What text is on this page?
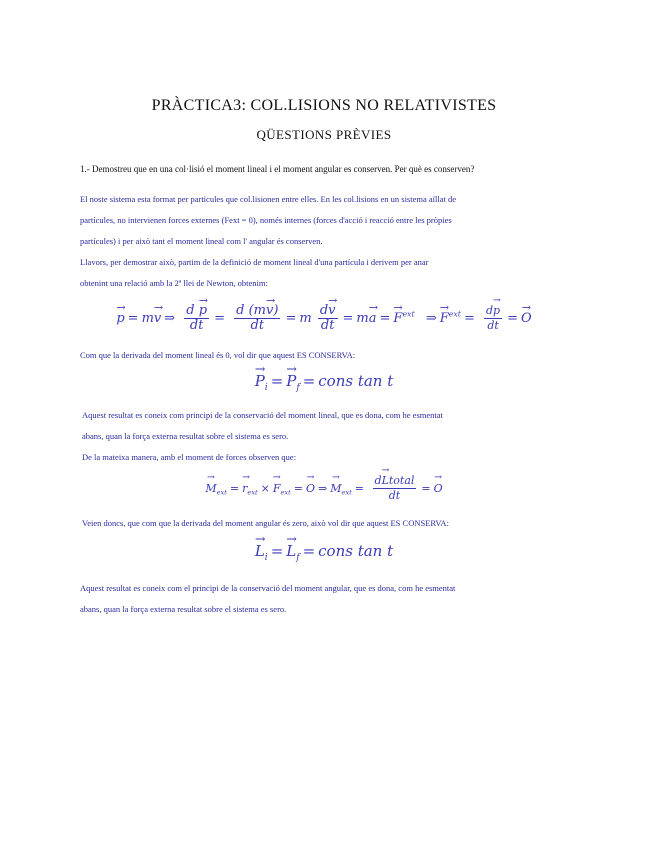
PRÀCTICA3: COL.LISIONS NO RELATIVISTES
QÜESTIONS PRÈVIES
1.- Demostreu que en una col·lisió el moment lineal i el moment angular es conserven. Per què es conserven?
El noste sistema esta format per particules que col.lisionen entre elles. En les col.lisions en un sistema aïllat de
partícules, no intervienen forces externes (Fext = 0), només internes (forces d'acció i reacció entre les pròpies
partícules) i per això tant el moment lineal com l' angular és conserven.
Llavors, per demostrar això, partim de la definició de moment lineal d'una partícula i derivem per anar
obtenint una relació amb la 2ª llei de Newton, obtenim:
→ p = m→ v ⇒ $\frac{d \to p}{dt} = \frac{d (m\to v)}{dt} = m \frac{d\to v}{dt} = m\to a =\to F^{ext}$  ⇒→ $F^{ext} = \frac{d\to p}{dt} =\to O$
Com que la derivada del moment lineal és 0, vol dir que aquest ES CONSERVA:
→ $P_i =\to P_f$ = cons tan t
Aquest resultat es coneix com principi de la conservació del moment lineal, que es dona, com he esmentat
abans, quan la força externa resultat sobre el sistema es sero.
De la mateixa manera, amb el moment de forces observen que:
→ $M_{ext} =\to r_{ext} \times\to F_{ext} =\to O$ ⇒→ $M_{ext} = \frac{\text{d→ Ltotal}}{dt} =\to O$
Veien doncs, que com que la derivada del moment angular és zero, això vol dir que aquest ES CONSERVA:
→ $L_i =\to L_f$ = cons tan t
Aquest resultat es coneix com el principi de la conservació del moment angular, que es dona, com he esmentat
abans, quan la força externa resultat sobre el sistema es sero.
